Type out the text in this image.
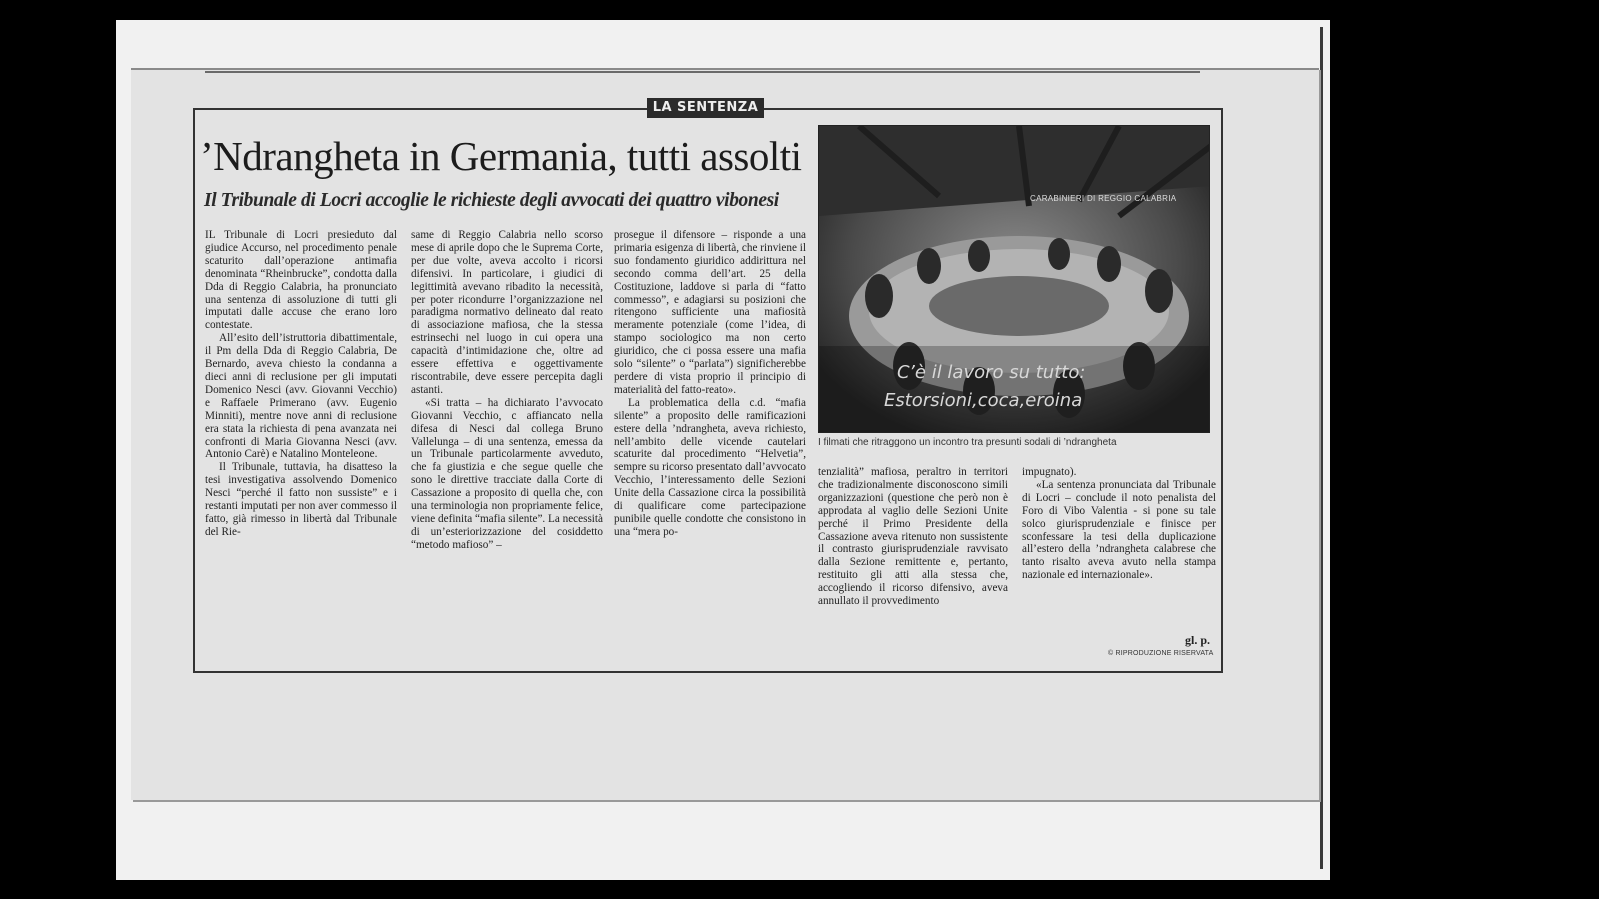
LA SENTENZA
’Ndrangheta in Germania, tutti assolti
Il Tribunale di Locri accoglie le richieste degli avvocati dei quattro vibonesi

IL Tribunale di Locri presieduto dal giudice Accurso, nel procedimento penale scaturito dall’operazione antimafia denominata “Rheinbrucke”, condotta dalla Dda di Reggio Calabria, ha pronunciato una sentenza di assoluzione di tutti gli imputati dalle accuse che erano loro contestate.

All’esito dell’istruttoria dibattimentale, il Pm della Dda di Reggio Calabria, De Bernardo, aveva chiesto la condanna a dieci anni di reclusione per gli imputati Domenico Nesci (avv. Giovanni Vecchio) e Raffaele Primerano (avv. Eugenio Minniti), mentre nove anni di reclusione era stata la richiesta di pena avanzata nei confronti di Maria Giovanna Nesci (avv. Antonio Carè) e Natalino Monteleone.

Il Tribunale, tuttavia, ha disatteso la tesi investigativa assolvendo Domenico Nesci “perché il fatto non sussiste” e i restanti imputati per non aver commesso il fatto, già rimesso in libertà dal Tribunale del Rie-

same di Reggio Calabria nello scorso mese di aprile dopo che le Suprema Corte, per due volte, aveva accolto i ricorsi difensivi. In particolare, i giudici di legittimità avevano ribadito la necessità, per poter ricondurre l’organizzazione nel paradigma normativo delineato dal reato di associazione mafiosa, che la stessa estrinsechi nel luogo in cui opera una capacità d’intimidazione che, oltre ad essere effettiva e oggettivamente riscontrabile, deve essere percepita dagli astanti.

«Si tratta – ha dichiarato l’avvocato Giovanni Vecchio, c affiancato nella difesa di Nesci dal collega Bruno Vallelunga – di una sentenza, emessa da un Tribunale particolarmente avveduto, che fa giustizia e che segue quelle che sono le direttive tracciate dalla Corte di Cassazione a proposito di quella che, con una terminologia non propriamente felice, viene definita “mafia silente”. La necessità di un’esteriorizzazione del cosiddetto “metodo mafioso” –

prosegue il difensore – risponde a una primaria esigenza di libertà, che rinviene il suo fondamento giuridico addirittura nel secondo comma dell’art. 25 della Costituzione, laddove si parla di “fatto commesso”, e adagiarsi su posizioni che ritengono sufficiente una mafiosità meramente potenziale (come l’idea, di stampo sociologico ma non certo giuridico, che ci possa essere una mafia solo “silente” o “parlata”) significherebbe perdere di vista proprio il principio di materialità del fatto-reato».

La problematica della c.d. “mafia silente” a proposito delle ramificazioni estere della ’ndrangheta, aveva richiesto, nell’ambito delle vicende cautelari scaturite dal procedimento “Helvetia”, sempre su ricorso presentato dall’avvocato Vecchio, l’interessamento delle Sezioni Unite della Cassazione circa la possibilità di qualificare come partecipazione punibile quelle condotte che consistono in una “mera po-

tenzialità” mafiosa, peraltro in territori che tradizionalmente disconoscono simili organizzazioni (questione che però non è approdata al vaglio delle Sezioni Unite perché il Primo Presidente della Cassazione aveva ritenuto non sussistente il contrasto giurisprudenziale ravvisato dalla Sezione remittente e, pertanto, restituito gli atti alla stessa che, accogliendo il ricorso difensivo, aveva annullato il provvedimento

impugnato).

«La sentenza pronunciata dal Tribunale di Locri – conclude il noto penalista del Foro di Vibo Valentia - si pone su tale solco giurisprudenziale e finisce per sconfessare la tesi della duplicazione all’estero della ’ndrangheta calabrese che tanto risalto aveva avuto nella stampa nazionale ed internazionale».

CARABINIERI DI REGGIO CALABRIA
C’è il lavoro su tutto:
Estorsioni,coca,eroina
I filmati che ritraggono un incontro tra presunti sodali di ’ndrangheta
gl. p.
© RIPRODUZIONE RISERVATA
